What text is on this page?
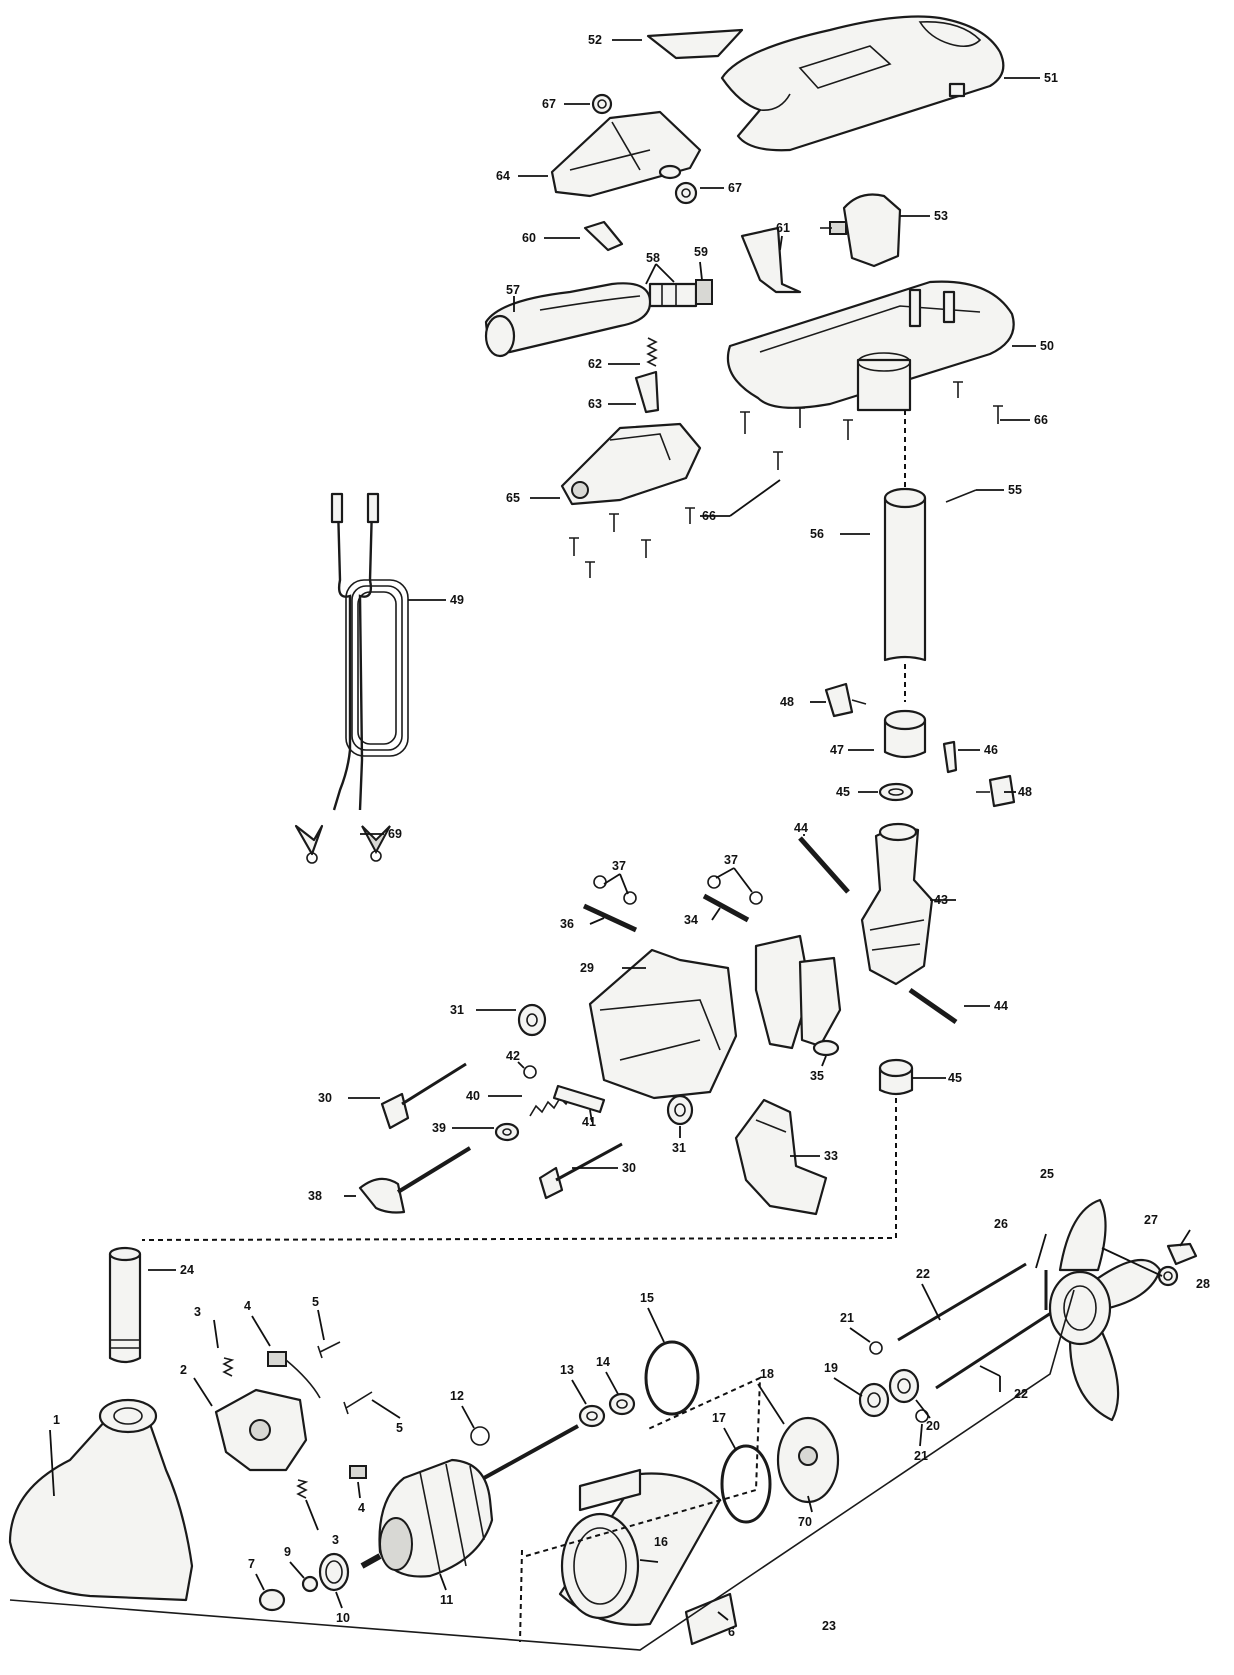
1
2
3
3
4
4
5
5
6
7
9
10
11
12
13
14
15
16
17
18	19
20
21
21
22
22
23
24
25
26	27
28
29
30
30
31
31
33
34
35
36
37	37
38
39
40
41
42
43
44
44
45
45
46
47
48
48
49
50
51
52
53
55
56
57
58	59
60
61
62
63
64
65
66
66
67
67
69
70
